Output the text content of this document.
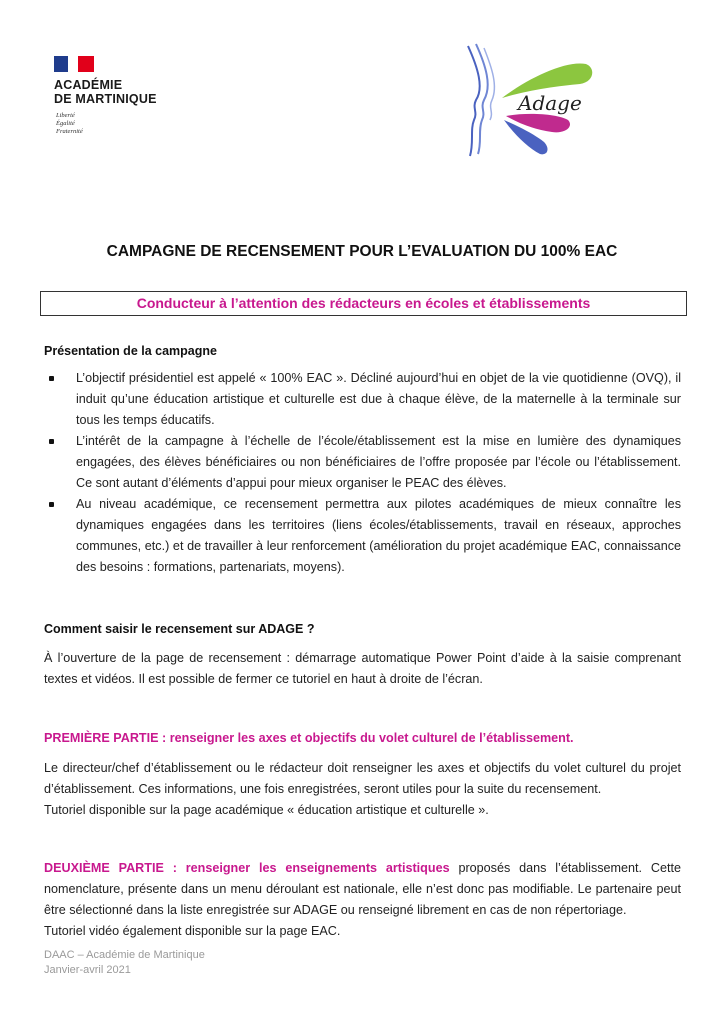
ACADÉMIE
DE MARTINIQUE
Liberté
Égalité
Fraternité
Adage
CAMPAGNE DE RECENSEMENT POUR L’EVALUATION DU 100% EAC
Conducteur à l’attention des rédacteurs en écoles et établissements
Présentation de la campagne
L’objectif présidentiel est appelé « 100% EAC ». Décliné aujourd’hui en objet de la vie quotidienne (OVQ), il induit qu’une éducation artistique et culturelle est due à chaque élève, de la maternelle à la terminale sur tous les temps éducatifs.
L’intérêt de la campagne à l’échelle de l’école/établissement est la mise en lumière des dynamiques engagées, des élèves bénéficiaires ou non bénéficiaires de l’offre proposée par l’école ou l’établissement. Ce sont autant d’éléments d’appui pour mieux organiser le PEAC des élèves.
Au niveau académique, ce recensement permettra aux pilotes académiques de mieux connaître les dynamiques engagées dans les territoires (liens écoles/établissements, travail en réseaux, approches communes, etc.) et de travailler à leur renforcement (amélioration du projet académique EAC, connaissance des besoins : formations, partenariats, moyens).
Comment saisir le recensement sur ADAGE ?
À l’ouverture de la page de recensement : démarrage automatique Power Point d’aide à la saisie comprenant textes et vidéos. Il est possible de fermer ce tutoriel en haut à droite de l’écran.
PREMIÈRE PARTIE : renseigner les axes et objectifs du volet culturel de l’établissement.
Le directeur/chef d’établissement ou le rédacteur doit renseigner les axes et objectifs du volet culturel du projet d’établissement. Ces informations, une fois enregistrées, seront utiles pour la suite du recensement.
Tutoriel disponible sur la page académique « éducation artistique et culturelle ».
DEUXIÈME PARTIE : renseigner les enseignements artistiques proposés dans l’établissement. Cette nomenclature, présente dans un menu déroulant est nationale, elle n’est donc pas modifiable. Le partenaire peut être sélectionné dans la liste enregistrée sur ADAGE ou renseigné librement en cas de non répertoriage.
Tutoriel vidéo également disponible sur la page EAC.
DAAC – Académie de Martinique
Janvier-avril 2021
